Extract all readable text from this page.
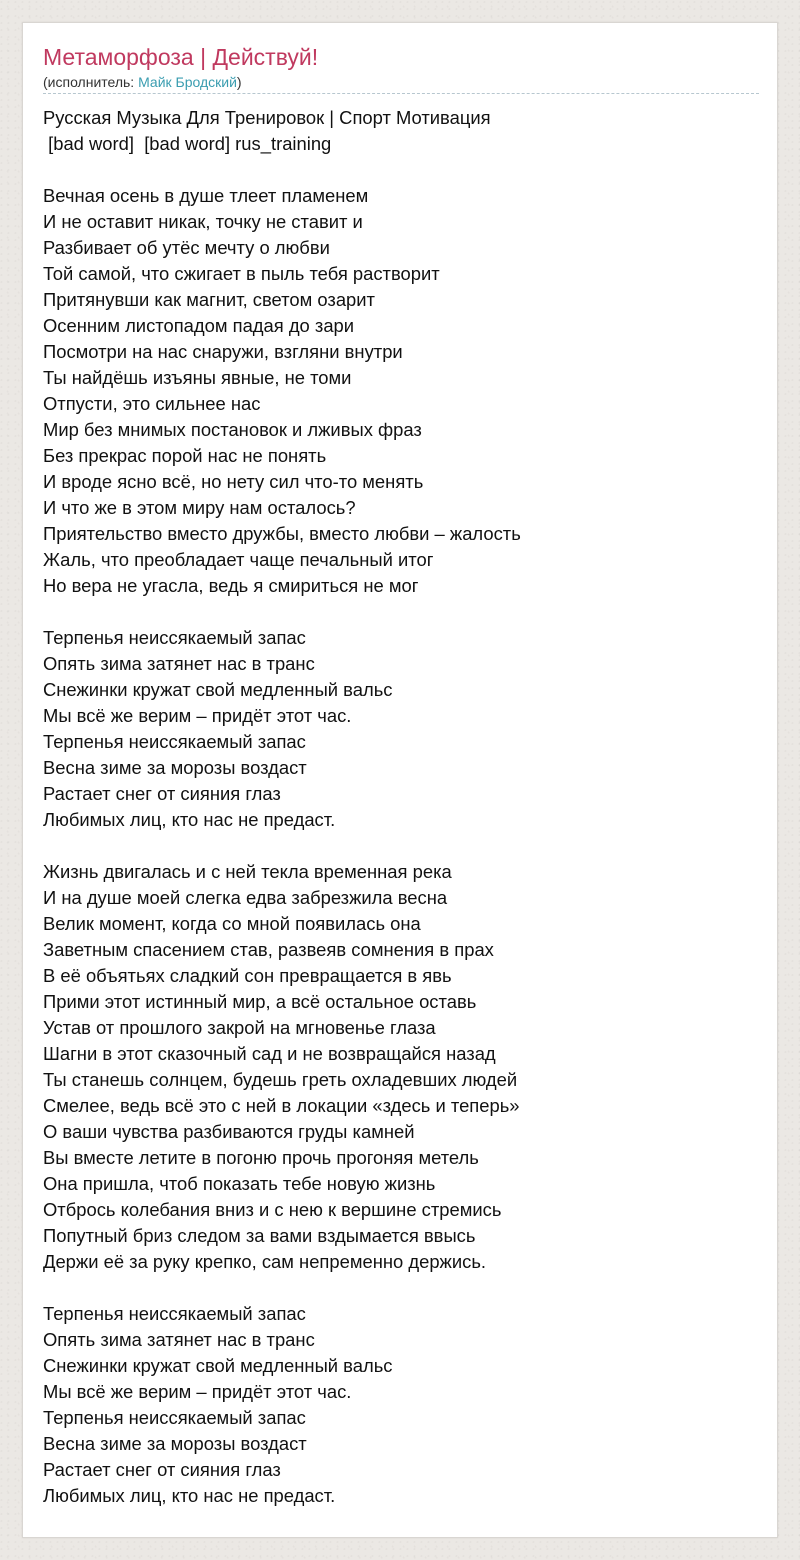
Метаморфоза | Действуй!
(исполнитель: Майк Бродский)
Русская Музыка Для Тренировок | Спорт Мотивация
[bad word]  [bad word] rus_training
Вечная осень в душе тлеет пламенем
И не оставит никак, точку не ставит и
Разбивает об утёс мечту о любви
Той самой, что сжигает в пыль тебя растворит
Притянувши как магнит, светом озарит
Осенним листопадом падая до зари
Посмотри на нас снаружи, взгляни внутри
Ты найдёшь изъяны явные, не томи
Отпусти, это сильнее нас
Мир без мнимых постановок и лживых фраз
Без прекрас порой нас не понять
И вроде ясно всё, но нету сил что-то менять
И что же в этом миру нам осталось?
Приятельство вместо дружбы, вместо любви – жалость
Жаль, что преобладает чаще печальный итог
Но вера не угасла, ведь я смириться не мог
Терпенья неиссякаемый запас
Опять зима затянет нас в транс
Снежинки кружат свой медленный вальс
Мы всё же верим – придёт этот час.
Терпенья неиссякаемый запас
Весна зиме за морозы воздаст
Растает снег от сияния глаз
Любимых лиц, кто нас не предаст.
Жизнь двигалась и с ней текла временная река
И на душе моей слегка едва забрезжила весна
Велик момент, когда со мной появилась она
Заветным спасением став, развеяв сомнения в прах
В её объятьях сладкий сон превращается в явь
Прими этот истинный мир, а всё остальное оставь
Устав от прошлого закрой на мгновенье глаза
Шагни в этот сказочный сад и не возвращайся назад
Ты станешь солнцем, будешь греть охладевших людей
Смелее, ведь всё это с ней в локации «здесь и теперь»
О ваши чувства разбиваются груды камней
Вы вместе летите в погоню прочь прогоняя метель
Она пришла, чтоб показать тебе новую жизнь
Отбрось колебания вниз и с нею к вершине стремись
Попутный бриз следом за вами вздымается ввысь
Держи её за руку крепко, сам непременно держись.
Терпенья неиссякаемый запас
Опять зима затянет нас в транс
Снежинки кружат свой медленный вальс
Мы всё же верим – придёт этот час.
Терпенья неиссякаемый запас
Весна зиме за морозы воздаст
Растает снег от сияния глаз
Любимых лиц, кто нас не предаст.
